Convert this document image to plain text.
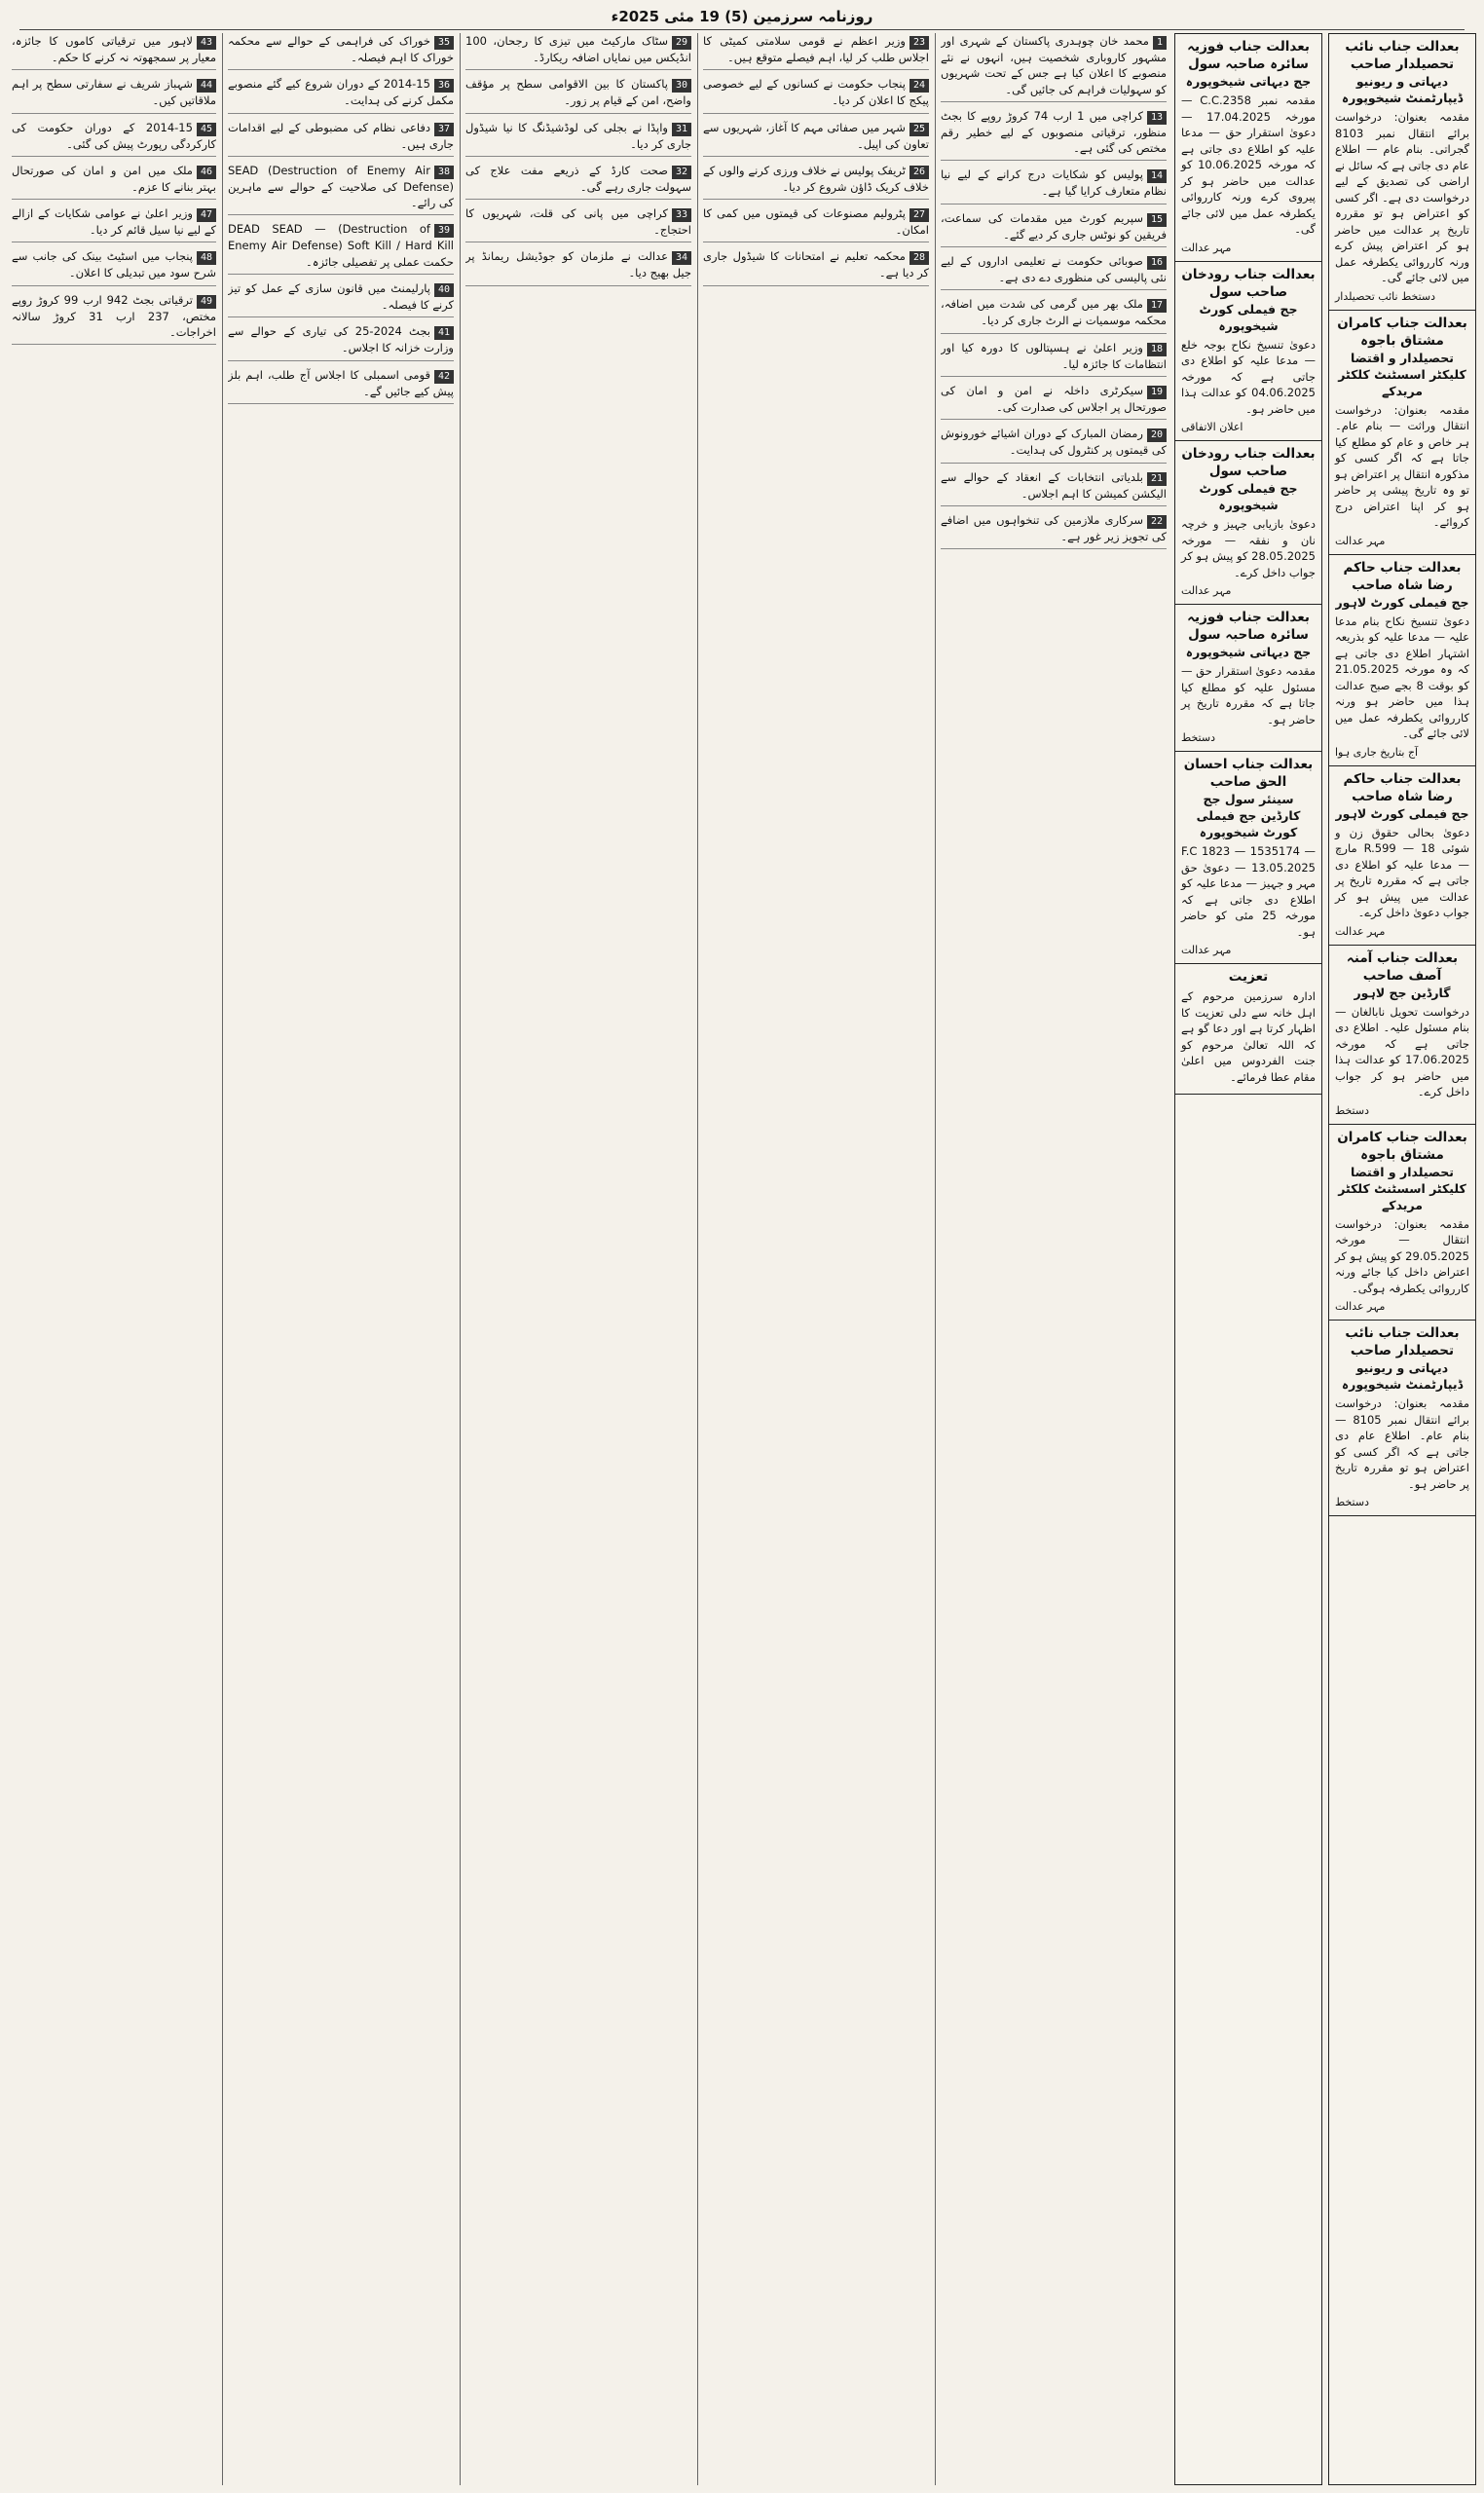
روزنامہ سرزمین (5) 19 مئی 2025ء
بعدالت جناب نائب تحصیلدار صاحب
دیہاتی و ریونیو ڈیپارٹمنٹ شیخوپورہ
مقدمہ بعنوان: درخواست برائے انتقال نمبر 8103 گجراتی۔ بنام عام — اطلاع عام دی جاتی ہے کہ سائل نے اراضی کی تصدیق کے لیے درخواست دی ہے۔ اگر کسی کو اعتراض ہو تو مقررہ تاریخ پر عدالت میں حاضر ہو کر اعتراض پیش کرے ورنہ کارروائی یکطرفہ عمل میں لائی جائے گی۔
دستخط نائب تحصیلدار
بعدالت جناب کامران مشتاق باجوہ
تحصیلدار و اقتضا کلیکٹر اسسٹنٹ کلکٹر مریدکے
مقدمہ بعنوان: درخواست انتقال وراثت — بنام عام۔ ہر خاص و عام کو مطلع کیا جاتا ہے کہ اگر کسی کو مذکورہ انتقال پر اعتراض ہو تو وہ تاریخ پیشی پر حاضر ہو کر اپنا اعتراض درج کروائے۔
مہر عدالت
بعدالت جناب حاکم رضا شاہ صاحب
جج فیملی کورٹ لاہور
دعویٰ تنسیخ نکاح بنام مدعا علیہ — مدعا علیہ کو بذریعہ اشتہار اطلاع دی جاتی ہے کہ وہ مورخہ 21.05.2025 کو بوقت 8 بجے صبح عدالت ہذا میں حاضر ہو ورنہ کارروائی یکطرفہ عمل میں لائی جائے گی۔
آج بتاریخ جاری ہوا
بعدالت جناب حاکم رضا شاہ صاحب
جج فیملی کورٹ لاہور
دعویٰ بحالی حقوق زن و شوئی R.599 — 18 مارچ — مدعا علیہ کو اطلاع دی جاتی ہے کہ مقررہ تاریخ پر عدالت میں پیش ہو کر جواب دعویٰ داخل کرے۔
مہر عدالت
بعدالت جناب آمنہ آصف صاحب
گارڈین جج لاہور
درخواست تحویل نابالغان — بنام مسئول علیہ۔ اطلاع دی جاتی ہے کہ مورخہ 17.06.2025 کو عدالت ہذا میں حاضر ہو کر جواب داخل کرے۔
دستخط
بعدالت جناب کامران مشتاق باجوہ
تحصیلدار و اقتضا کلیکٹر اسسٹنٹ کلکٹر مریدکے
مقدمہ بعنوان: درخواست انتقال — مورخہ 29.05.2025 کو پیش ہو کر اعتراض داخل کیا جائے ورنہ کارروائی یکطرفہ ہوگی۔
مہر عدالت
بعدالت جناب نائب تحصیلدار صاحب
دیہاتی و ریونیو ڈیپارٹمنٹ شیخوپورہ
مقدمہ بعنوان: درخواست برائے انتقال نمبر 8105 — بنام عام۔ اطلاع عام دی جاتی ہے کہ اگر کسی کو اعتراض ہو تو مقررہ تاریخ پر حاضر ہو۔
دستخط
بعدالت جناب فوزیہ سائرہ صاحبہ سول
جج دیہاتی شیخوپورہ
مقدمہ نمبر C.C.2358 — مورخہ 17.04.2025 — دعویٰ استقرار حق — مدعا علیہ کو اطلاع دی جاتی ہے کہ مورخہ 10.06.2025 کو عدالت میں حاضر ہو کر پیروی کرے ورنہ کارروائی یکطرفہ عمل میں لائی جائے گی۔
مہر عدالت
بعدالت جناب رودخان صاحب سول
جج فیملی کورٹ شیخوپورہ
دعویٰ تنسیخ نکاح بوجہ خلع — مدعا علیہ کو اطلاع دی جاتی ہے کہ مورخہ 04.06.2025 کو عدالت ہذا میں حاضر ہو۔
اعلان الاتفاقی
بعدالت جناب رودخان صاحب سول
جج فیملی کورٹ شیخوپورہ
دعویٰ بازیابی جہیز و خرچہ نان و نفقہ — مورخہ 28.05.2025 کو پیش ہو کر جواب داخل کرے۔
مہر عدالت
بعدالت جناب فوزیہ سائرہ صاحبہ سول
جج دیہاتی شیخوپورہ
مقدمہ دعویٰ استقرار حق — مسئول علیہ کو مطلع کیا جاتا ہے کہ مقررہ تاریخ پر حاضر ہو۔
دستخط
بعدالت جناب احسان الحق صاحب
سینئر سول جج کارڈین جج فیملی کورٹ شیخوپورہ
F.C 1823 — 1535174 — 13.05.2025 — دعویٰ حق مہر و جہیز — مدعا علیہ کو اطلاع دی جاتی ہے کہ مورخہ 25 مئی کو حاضر ہو۔
مہر عدالت
تعزیت
ادارہ سرزمین مرحوم کے اہل خانہ سے دلی تعزیت کا اظہار کرتا ہے اور دعا گو ہے کہ اللہ تعالیٰ مرحوم کو جنت الفردوس میں اعلیٰ مقام عطا فرمائے۔
1محمد خان چوہدری پاکستان کے شہری اور مشہور کاروباری شخصیت ہیں، انہوں نے نئے منصوبے کا اعلان کیا ہے جس کے تحت شہریوں کو سہولیات فراہم کی جائیں گی۔
13کراچی میں 1 ارب 74 کروڑ روپے کا بجٹ منظور، ترقیاتی منصوبوں کے لیے خطیر رقم مختص کی گئی ہے۔
14پولیس کو شکایات درج کرانے کے لیے نیا نظام متعارف کرایا گیا ہے۔
15سپریم کورٹ میں مقدمات کی سماعت، فریقین کو نوٹس جاری کر دیے گئے۔
16صوبائی حکومت نے تعلیمی اداروں کے لیے نئی پالیسی کی منظوری دے دی ہے۔
17ملک بھر میں گرمی کی شدت میں اضافہ، محکمہ موسمیات نے الرٹ جاری کر دیا۔
18وزیر اعلیٰ نے ہسپتالوں کا دورہ کیا اور انتظامات کا جائزہ لیا۔
19سیکرٹری داخلہ نے امن و امان کی صورتحال پر اجلاس کی صدارت کی۔
20رمضان المبارک کے دوران اشیائے خورونوش کی قیمتوں پر کنٹرول کی ہدایت۔
21بلدیاتی انتخابات کے انعقاد کے حوالے سے الیکشن کمیشن کا اہم اجلاس۔
22سرکاری ملازمین کی تنخواہوں میں اضافے کی تجویز زیر غور ہے۔
23وزیر اعظم نے قومی سلامتی کمیٹی کا اجلاس طلب کر لیا، اہم فیصلے متوقع ہیں۔
24پنجاب حکومت نے کسانوں کے لیے خصوصی پیکج کا اعلان کر دیا۔
25شہر میں صفائی مہم کا آغاز، شہریوں سے تعاون کی اپیل۔
26ٹریفک پولیس نے خلاف ورزی کرنے والوں کے خلاف کریک ڈاؤن شروع کر دیا۔
27پٹرولیم مصنوعات کی قیمتوں میں کمی کا امکان۔
28محکمہ تعلیم نے امتحانات کا شیڈول جاری کر دیا ہے۔
29سٹاک مارکیٹ میں تیزی کا رجحان، 100 انڈیکس میں نمایاں اضافہ ریکارڈ۔
30پاکستان کا بین الاقوامی سطح پر مؤقف واضح، امن کے قیام پر زور۔
31واپڈا نے بجلی کی لوڈشیڈنگ کا نیا شیڈول جاری کر دیا۔
32صحت کارڈ کے ذریعے مفت علاج کی سہولت جاری رہے گی۔
33کراچی میں پانی کی قلت، شہریوں کا احتجاج۔
34عدالت نے ملزمان کو جوڈیشل ریمانڈ پر جیل بھیج دیا۔
35خوراک کی فراہمی کے حوالے سے محکمہ خوراک کا اہم فیصلہ۔
362014-15 کے دوران شروع کیے گئے منصوبے مکمل کرنے کی ہدایت۔
37دفاعی نظام کی مضبوطی کے لیے اقدامات جاری ہیں۔
38SEAD (Destruction of Enemy Air Defense) کی صلاحیت کے حوالے سے ماہرین کی رائے۔
39DEAD SEAD — (Destruction of Enemy Air Defense) Soft Kill / Hard Kill حکمت عملی پر تفصیلی جائزہ۔
40پارلیمنٹ میں قانون سازی کے عمل کو تیز کرنے کا فیصلہ۔
41بجٹ 2024-25 کی تیاری کے حوالے سے وزارت خزانہ کا اجلاس۔
42قومی اسمبلی کا اجلاس آج طلب، اہم بلز پیش کیے جائیں گے۔
43لاہور میں ترقیاتی کاموں کا جائزہ، معیار پر سمجھوتہ نہ کرنے کا حکم۔
44شہباز شریف نے سفارتی سطح پر اہم ملاقاتیں کیں۔
452014-15 کے دوران حکومت کی کارکردگی رپورٹ پیش کی گئی۔
46ملک میں امن و امان کی صورتحال بہتر بنانے کا عزم۔
47وزیر اعلیٰ نے عوامی شکایات کے ازالے کے لیے نیا سیل قائم کر دیا۔
48پنجاب میں اسٹیٹ بینک کی جانب سے شرح سود میں تبدیلی کا اعلان۔
49ترقیاتی بجٹ 942 ارب 99 کروڑ روپے مختص، 237 ارب 31 کروڑ سالانہ اخراجات۔
